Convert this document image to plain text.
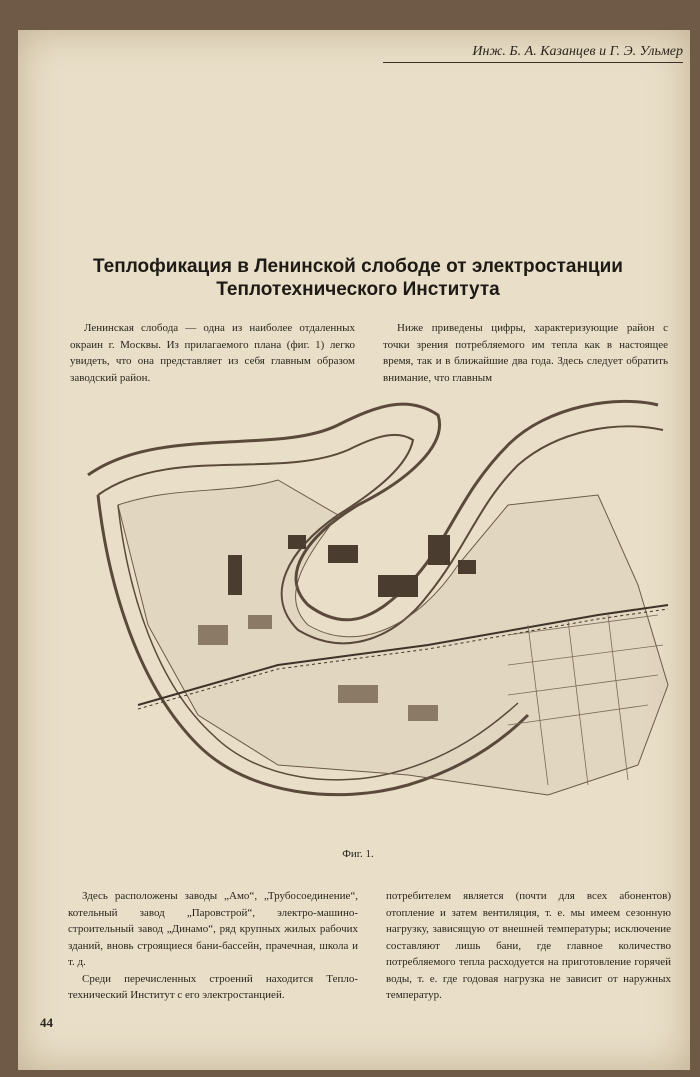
Инж. Б. А. Казанцев и Г. Э. Ульмер
Теплофикация в Ленинской слободе от электростанции
Теплотехнического Института

Ленинская слобода — одна из наиболее отдаленных окраин г. Москвы. Из прилагаемого плана (фиг. 1) легко увидеть, что она представляет из себя главным образом заводский район.

Ниже приведены цифры, характеризующие район с точки зрения потребляемого им тепла как в настоящее время, так и в ближайшие два года. Здесь следует обратить внимание, что главным

Фиг. 1.

Здесь расположены заводы „Амо“, „Трубосоединение“, котельный завод „Паровстрой“, электро-машино-строительный завод „Динамо“, ряд крупных жилых рабочих зданий, вновь строящиеся бани-бассейн, прачечная, школа и т. д.

Среди перечисленных строений находится Теплотехнический Институт с его электростанцией.

потребителем является (почти для всех абонентов) отопление и затем вентиляция, т. е. мы имеем сезонную нагрузку, зависящую от внешней температуры; исключение составляют лишь бани, где главное количество потребляемого тепла расходуется на приготовление горячей воды, т. е. где годовая нагрузка не зависит от наружных температур.

44
